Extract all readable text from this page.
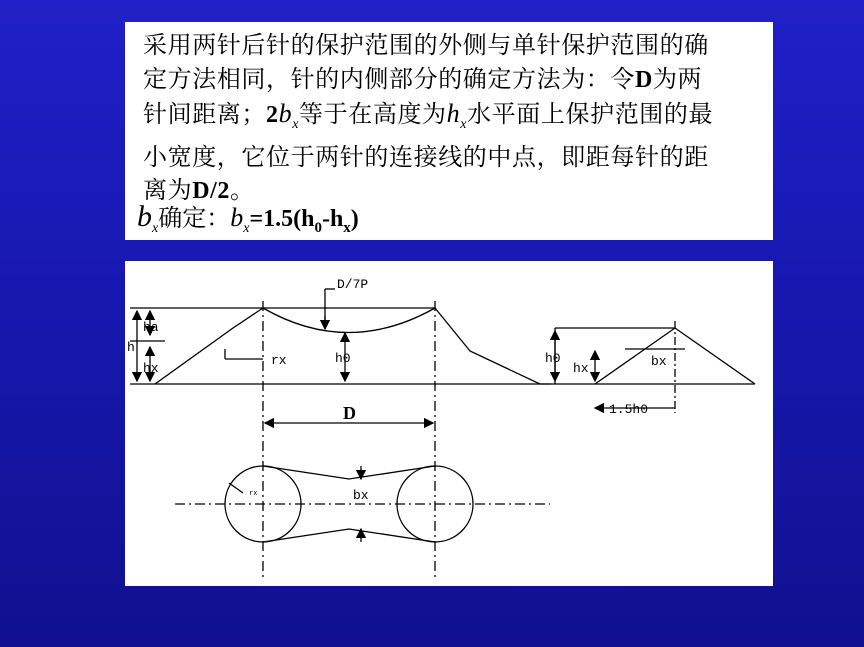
采用两针后针的保护范围的外侧与单针保护范围的确
定方法相同，针的内侧部分的确定方法为：令D为两
针间距离；$2b_x$等于在高度为$h_x$水平面上保护范围的最
小宽度，它位于两针的连接线的中点，即距每针的距
离为D/2。
$b_x$确定：$b_x=1.5(h_0-h_x)$
D/7P
ha
h
hx
rx	h0	h0
hx	bx
1.5h0
D
bx
rx
